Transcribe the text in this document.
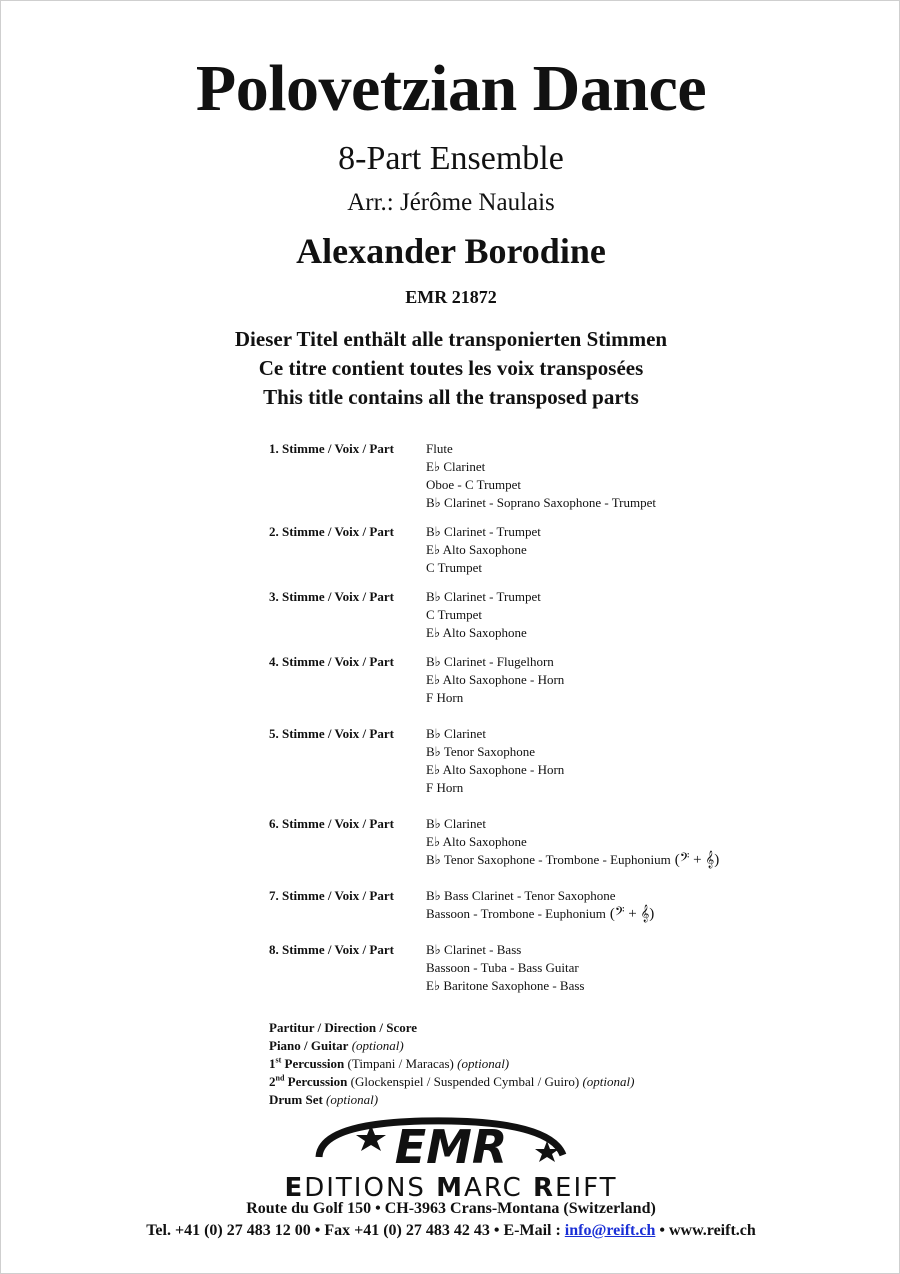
Polovetzian Dance
8-Part Ensemble
Arr.: Jérôme Naulais
Alexander Borodine
EMR 21872
Dieser Titel enthält alle transponierten Stimmen
Ce titre contient toutes les voix transposées
This title contains all the transposed parts
1. Stimme / Voix / Part	Flute
E♭ Clarinet
Oboe - C Trumpet
B♭ Clarinet - Soprano Saxophone - Trumpet
2. Stimme / Voix / Part	B♭ Clarinet - Trumpet
E♭ Alto Saxophone
C Trumpet
3. Stimme / Voix / Part	B♭ Clarinet - Trumpet
C Trumpet
E♭ Alto Saxophone
4. Stimme / Voix / Part	B♭ Clarinet - Flugelhorn
E♭ Alto Saxophone - Horn
F Horn
5. Stimme / Voix / Part	B♭ Clarinet
B♭ Tenor Saxophone
E♭ Alto Saxophone - Horn
F Horn
6. Stimme / Voix / Part	B♭ Clarinet
E♭ Alto Saxophone
B♭ Tenor Saxophone - Trombone - Euphonium (𝄢 + 𝄞)
7. Stimme / Voix / Part	B♭ Bass Clarinet - Tenor Saxophone
Bassoon - Trombone - Euphonium (𝄢 + 𝄞)
8. Stimme / Voix / Part	B♭ Clarinet - Bass
Bassoon - Tuba - Bass Guitar
E♭ Baritone Saxophone - Bass
Partitur / Direction / Score
Piano / Guitar (optional)
1st Percussion (Timpani / Maracas) (optional)
2nd Percussion (Glockenspiel / Suspended Cymbal / Guiro) (optional)
Drum Set (optional)
EMR
EDITIONS MARC REIFT
Route du Golf 150 • CH-3963 Crans-Montana (Switzerland)
Tel. +41 (0) 27 483 12 00 • Fax +41 (0) 27 483 42 43 • E-Mail : info@reift.ch • www.reift.ch
